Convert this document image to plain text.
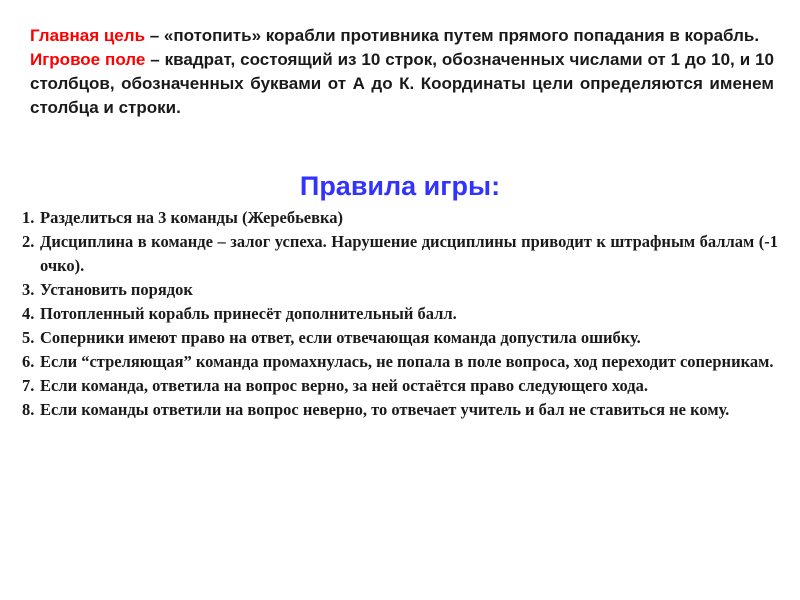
Главная цель – «потопить» корабли противника путем прямого попадания в корабль.

Игровое поле – квадрат, состоящий из 10 строк, обозначенных числами от 1 до 10, и 10 столбцов, обозначенных буквами от А до К. Координаты цели определяются именем столбца и строки.

Правила игры:
1. Разделиться на 3 команды (Жеребьевка)
2. Дисциплина в команде – залог успеха. Нарушение дисциплины приводит к штрафным баллам (-1 очко).
3. Установить порядок
4. Потопленный корабль принесёт дополнительный балл.
5. Соперники имеют право на ответ, если отвечающая команда допустила ошибку.
6. Если “стреляющая” команда промахнулась, не попала в поле вопроса, ход переходит соперникам.
7. Если команда, ответила на вопрос верно, за ней остаётся право следующего хода.
8. Если команды ответили на вопрос неверно, то отвечает учитель и бал не ставиться не кому.
